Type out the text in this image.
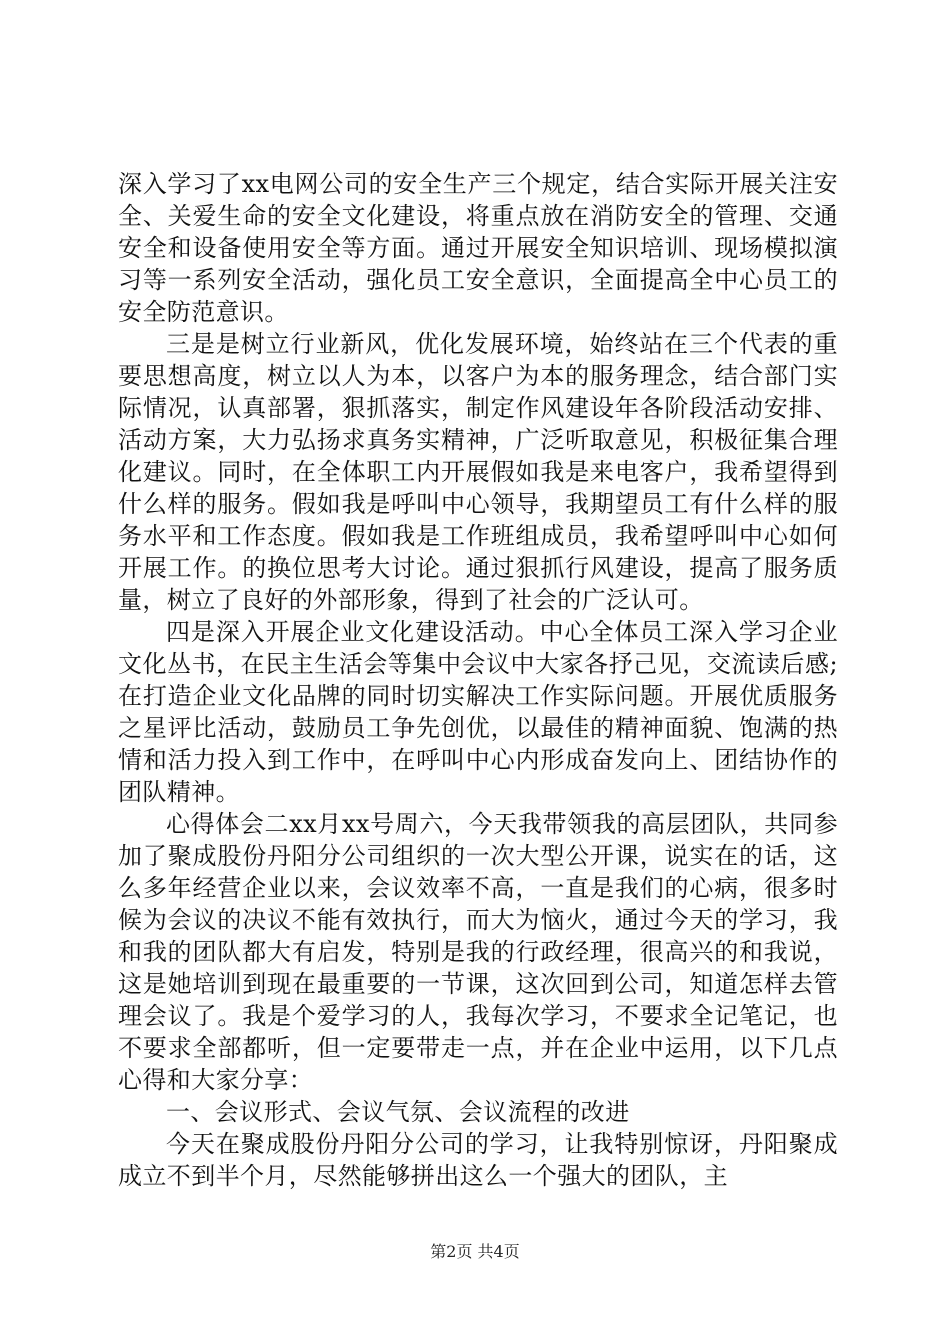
深入学习了xx电网公司的安全生产三个规定，结合实际开展关注安全、关爱生命的安全文化建设，将重点放在消防安全的管理、交通安全和设备使用安全等方面。通过开展安全知识培训、现场模拟演习等一系列安全活动，强化员工安全意识，全面提高全中心员工的安全防范意识。

三是是树立行业新风，优化发展环境，始终站在三个代表的重要思想高度，树立以人为本，以客户为本的服务理念，结合部门实际情况，认真部署，狠抓落实，制定作风建设年各阶段活动安排、活动方案，大力弘扬求真务实精神，广泛听取意见，积极征集合理化建议。同时，在全体职工内开展假如我是来电客户，我希望得到什么样的服务。假如我是呼叫中心领导，我期望员工有什么样的服务水平和工作态度。假如我是工作班组成员，我希望呼叫中心如何开展工作。的换位思考大讨论。通过狠抓行风建设，提高了服务质量，树立了良好的外部形象，得到了社会的广泛认可。

四是深入开展企业文化建设活动。中心全体员工深入学习企业文化丛书，在民主生活会等集中会议中大家各抒己见，交流读后感;在打造企业文化品牌的同时切实解决工作实际问题。开展优质服务之星评比活动，鼓励员工争先创优，以最佳的精神面貌、饱满的热情和活力投入到工作中，在呼叫中心内形成奋发向上、团结协作的团队精神。

心得体会二xx月xx号周六，今天我带领我的高层团队，共同参加了聚成股份丹阳分公司组织的一次大型公开课，说实在的话，这么多年经营企业以来，会议效率不高，一直是我们的心病，很多时候为会议的决议不能有效执行，而大为恼火，通过今天的学习，我和我的团队都大有启发，特别是我的行政经理，很高兴的和我说，这是她培训到现在最重要的一节课，这次回到公司，知道怎样去管理会议了。我是个爱学习的人，我每次学习，不要求全记笔记，也不要求全部都听，但一定要带走一点，并在企业中运用，以下几点心得和大家分享：

一、会议形式、会议气氛、会议流程的改进

今天在聚成股份丹阳分公司的学习，让我特别惊讶，丹阳聚成成立不到半个月，尽然能够拼出这么一个强大的团队，主

第2页 共4页
